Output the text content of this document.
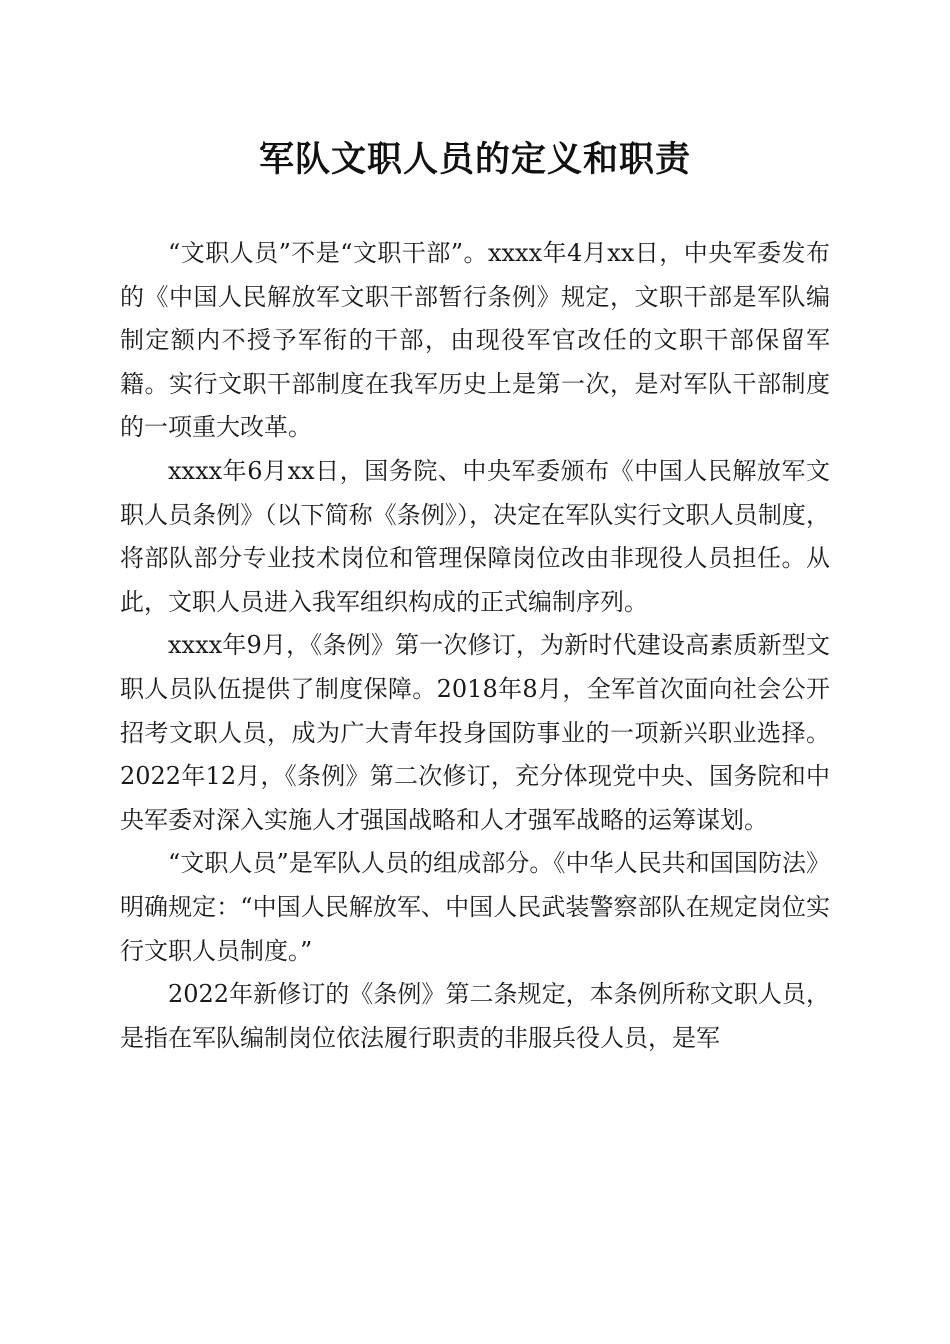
军队文职人员的定义和职责

“文职人员”不是“文职干部”。xxxx年4月xx日，中央军委发布的《中国人民解放军文职干部暂行条例》规定，文职干部是军队编制定额内不授予军衔的干部，由现役军官改任的文职干部保留军籍。实行文职干部制度在我军历史上是第一次，是对军队干部制度的一项重大改革。

xxxx年6月xx日，国务院、中央军委颁布《中国人民解放军文职人员条例》（以下简称《条例》），决定在军队实行文职人员制度，将部队部分专业技术岗位和管理保障岗位改由非现役人员担任。从此，文职人员进入我军组织构成的正式编制序列。

xxxx年9月，《条例》第一次修订，为新时代建设高素质新型文职人员队伍提供了制度保障。2018年8月，全军首次面向社会公开招考文职人员，成为广大青年投身国防事业的一项新兴职业选择。2022年12月，《条例》第二次修订，充分体现党中央、国务院和中央军委对深入实施人才强国战略和人才强军战略的运筹谋划。

“文职人员”是军队人员的组成部分。《中华人民共和国国防法》明确规定：“中国人民解放军、中国人民武装警察部队在规定岗位实行文职人员制度。”

2022年新修订的《条例》第二条规定，本条例所称文职人员，是指在军队编制岗位依法履行职责的非服兵役人员，是军
